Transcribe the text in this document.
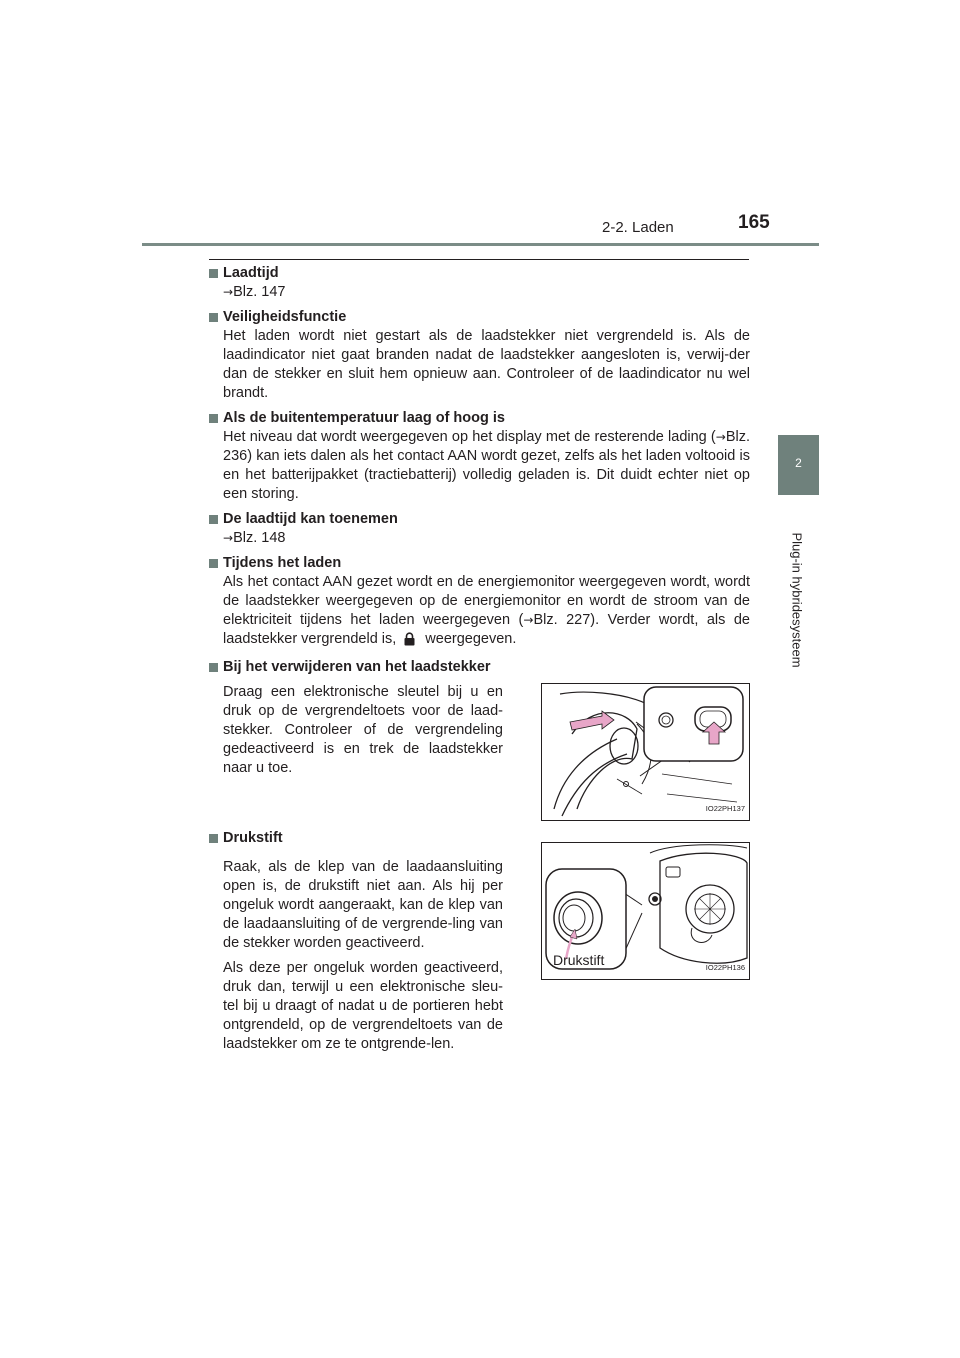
2-2. Laden	165
2
Plug-in hybridesysteem
Laadtijd
→Blz. 147
Veiligheidsfunctie
Het laden wordt niet gestart als de laadstekker niet vergrendeld is. Als de laadindicator niet gaat branden nadat de laadstekker aangesloten is, verwij-der dan de stekker en sluit hem opnieuw aan. Controleer of de laadindicator nu wel brandt.
Als de buitentemperatuur laag of hoog is
Het niveau dat wordt weergegeven op het display met de resterende lading (→Blz. 236) kan iets dalen als het contact AAN wordt gezet, zelfs als het laden voltooid is en het batterijpakket (tractiebatterij) volledig geladen is. Dit duidt echter niet op een storing.
De laadtijd kan toenemen
→Blz. 148
Tijdens het laden
Als het contact AAN gezet wordt en de energiemonitor weergegeven wordt, wordt de laadstekker weergegeven op de energiemonitor en wordt de stroom van de elektriciteit tijdens het laden weergegeven (→Blz. 227). Verder wordt, als de laadstekker vergrendeld is, weergegeven.
Bij het verwijderen van het laadstekker

Draag een elektronische sleutel bij u en druk op de vergrendeltoets voor de laad-stekker. Controleer of de vergrendeling gedeactiveerd is en trek de laadstekker naar u toe.

IO22PH137
Drukstift

Raak, als de klep van de laadaansluiting open is, de drukstift niet aan. Als hij per ongeluk wordt aangeraakt, kan de klep van de laadaansluiting of de vergrende-ling van de stekker worden geactiveerd.

Als deze per ongeluk worden geactiveerd, druk dan, terwijl u een elektronische sleu-tel bij u draagt of nadat u de portieren hebt ontgrendeld, op de vergrendeltoets van de laadstekker om ze te ontgrende-len.

Drukstift	IO22PH136
